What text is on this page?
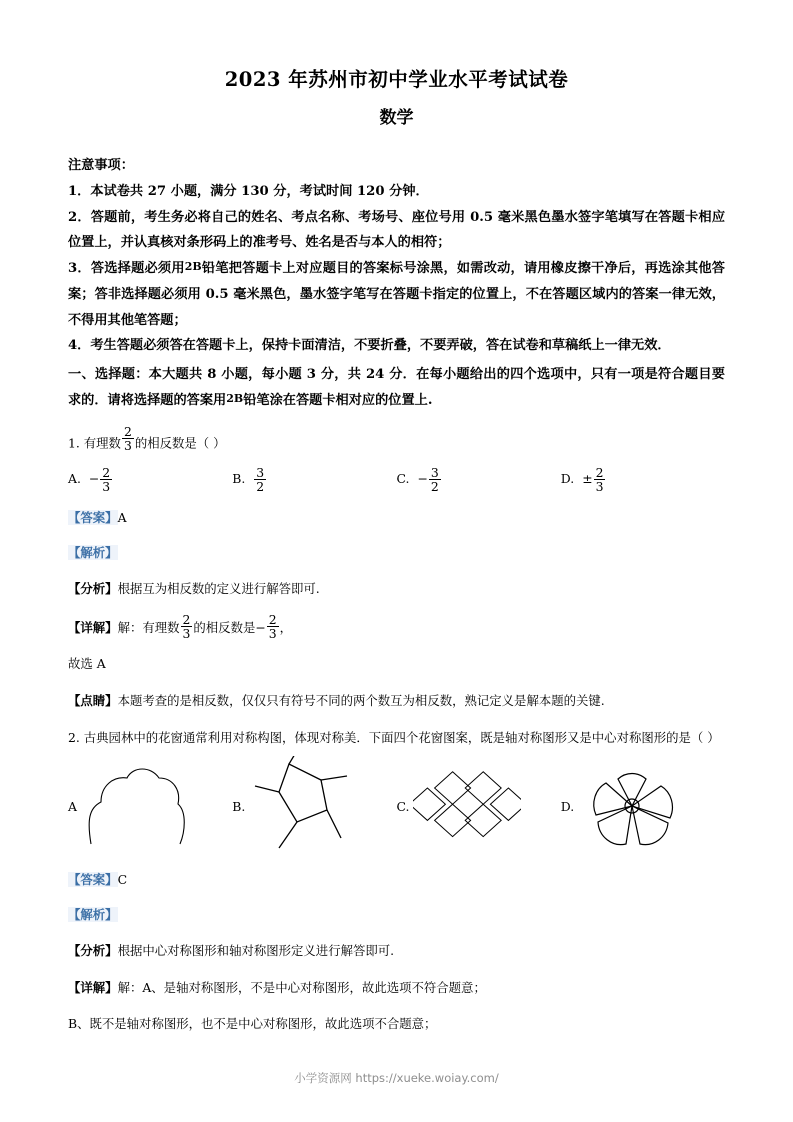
2023 年苏州市初中学业水平考试试卷
数学
注意事项：
1．本试卷共 27 小题，满分 130 分，考试时间 120 分钟．
2．答题前，考生务必将自己的姓名、考点名称、考场号、座位号用 0.5 毫米黑色墨水签字笔填写在答题卡相应位置上，并认真核对条形码上的准考号、姓名是否与本人的相符；
3．答选择题必须用2B铅笔把答题卡上对应题目的答案标号涂黑，如需改动，请用橡皮擦干净后，再选涂其他答案；答非选择题必须用 0.5 毫米黑色，墨水签字笔写在答题卡指定的位置上，不在答题区域内的答案一律无效，不得用其他笔答题；
4．考生答题必须答在答题卡上，保持卡面清洁，不要折叠，不要弄破，答在试卷和草稿纸上一律无效．
一、选择题：本大题共 8 小题，每小题 3 分，共 24 分．在每小题给出的四个选项中，只有一项是符合题目要求的．请将选择题的答案用2B铅笔涂在答题卡相对应的位置上.
1. 有理数 $\frac{2}{3}$ 的相反数是（ ）
A. − $\frac{2}{3}$	B. $\frac{3}{2}$	C. − $\frac{3}{2}$	D. ± $\frac{2}{3}$
【答案】A
【解析】
【分析】根据互为相反数的定义进行解答即可.
【详解】解：有理数 $\frac{2}{3}$ 的相反数是− $\frac{2}{3}$ ，
故选 A
【点睛】本题考查的是相反数，仅仅只有符号不同的两个数互为相反数，熟记定义是解本题的关键.
2. 古典园林中的花窗通常利用对称构图，体现对称美．下面四个花窗图案，既是轴对称图形又是中心对称图形的是（ ）
A	B.	C.	D.
【答案】C
【解析】
【分析】根据中心对称图形和轴对称图形定义进行解答即可.
【详解】解：A、是轴对称图形，不是中心对称图形，故此选项不符合题意；
B、既不是轴对称图形，也不是中心对称图形，故此选项不合题意；
小学资源网 https://xueke.woiay.com/
